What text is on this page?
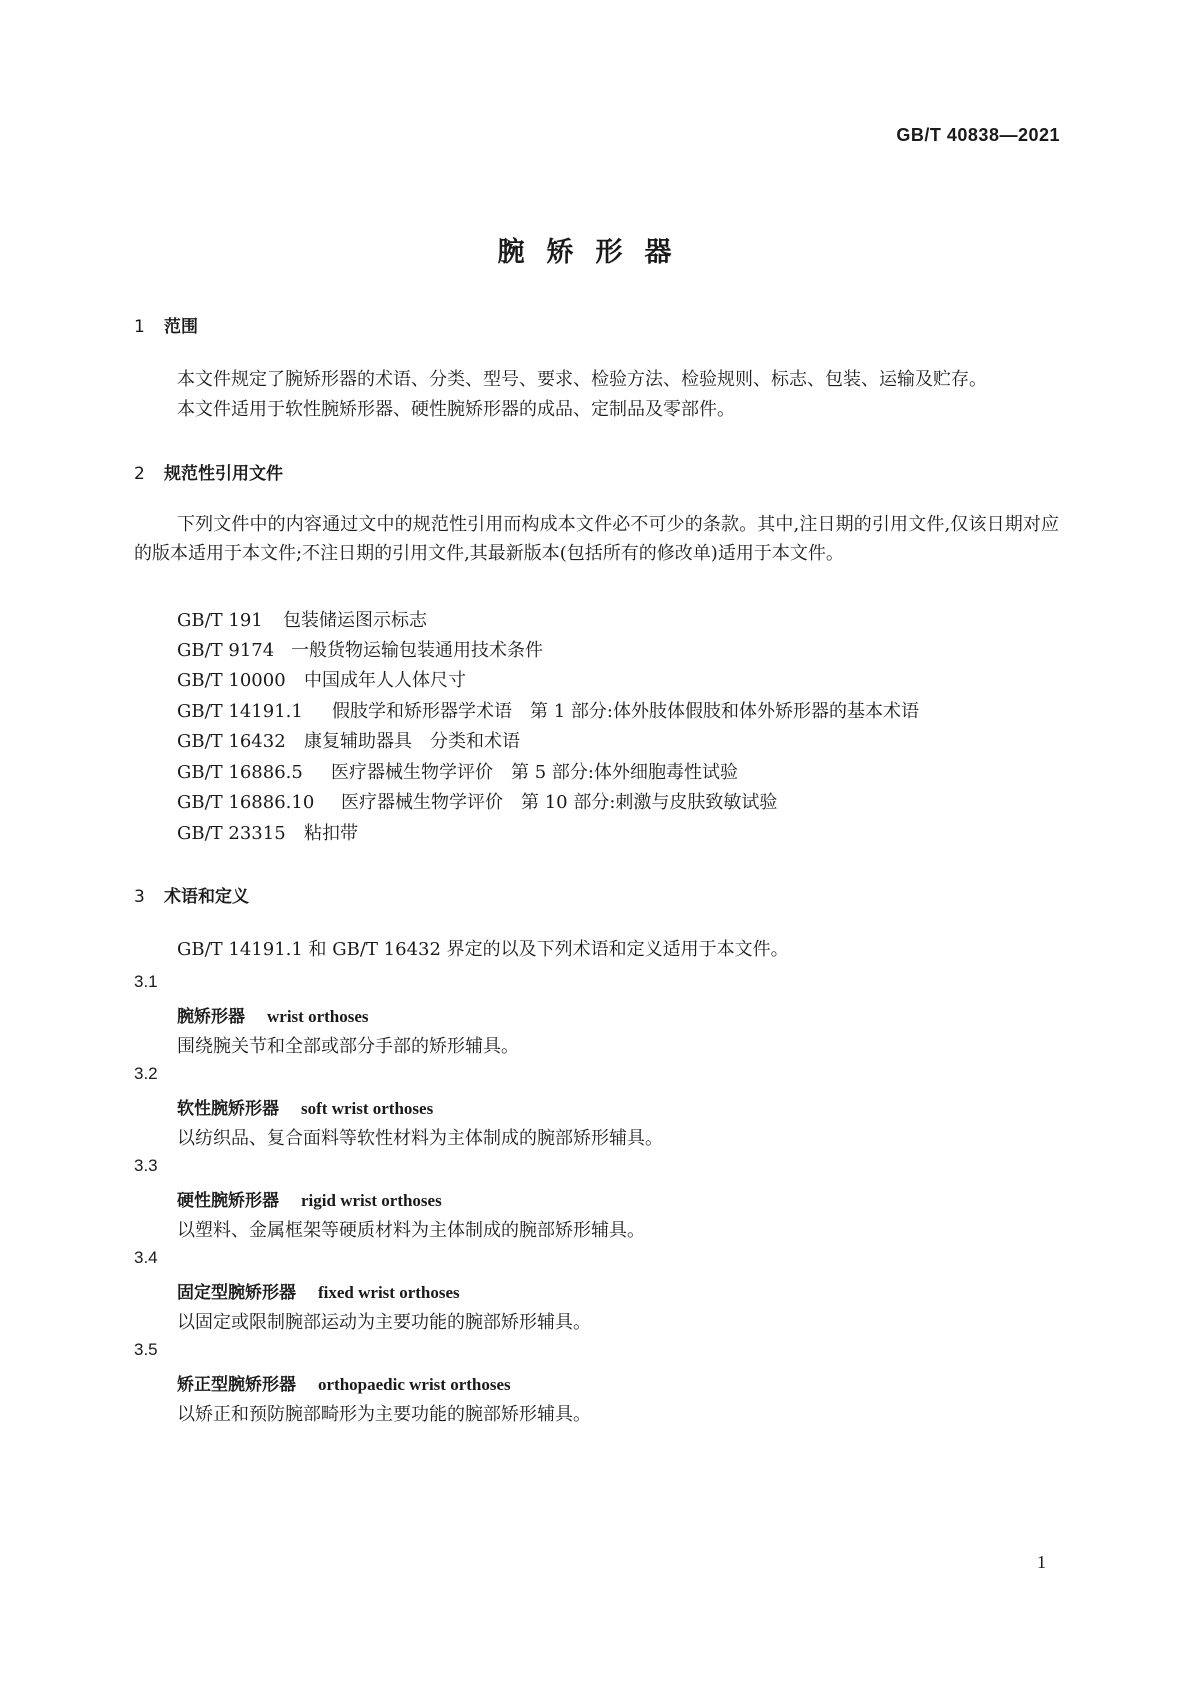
GB/T 40838—2021
腕矫形器
1 范围
本文件规定了腕矫形器的术语、分类、型号、要求、检验方法、检验规则、标志、包装、运输及贮存。
本文件适用于软性腕矫形器、硬性腕矫形器的成品、定制品及零部件。
2 规范性引用文件
下列文件中的内容通过文中的规范性引用而构成本文件必不可少的条款。其中,注日期的引用文件,仅该日期对应的版本适用于本文件;不注日期的引用文件,其最新版本(包括所有的修改单)适用于本文件。
GB/T 191 包装储运图示标志
GB/T 9174 一般货物运输包装通用技术条件
GB/T 10000 中国成年人人体尺寸
GB/T 14191.1 假肢学和矫形器学术语　第 1 部分:体外肢体假肢和体外矫形器的基本术语
GB/T 16432 康复辅助器具　分类和术语
GB/T 16886.5 医疗器械生物学评价　第 5 部分:体外细胞毒性试验
GB/T 16886.10 医疗器械生物学评价　第 10 部分:刺激与皮肤致敏试验
GB/T 23315 粘扣带
3 术语和定义
GB/T 14191.1 和 GB/T 16432 界定的以及下列术语和定义适用于本文件。
3.1
腕矫形器 wrist orthoses
围绕腕关节和全部或部分手部的矫形辅具。
3.2
软性腕矫形器 soft wrist orthoses
以纺织品、复合面料等软性材料为主体制成的腕部矫形辅具。
3.3
硬性腕矫形器 rigid wrist orthoses
以塑料、金属框架等硬质材料为主体制成的腕部矫形辅具。
3.4
固定型腕矫形器 fixed wrist orthoses
以固定或限制腕部运动为主要功能的腕部矫形辅具。
3.5
矫正型腕矫形器 orthopaedic wrist orthoses
以矫正和预防腕部畸形为主要功能的腕部矫形辅具。
1
